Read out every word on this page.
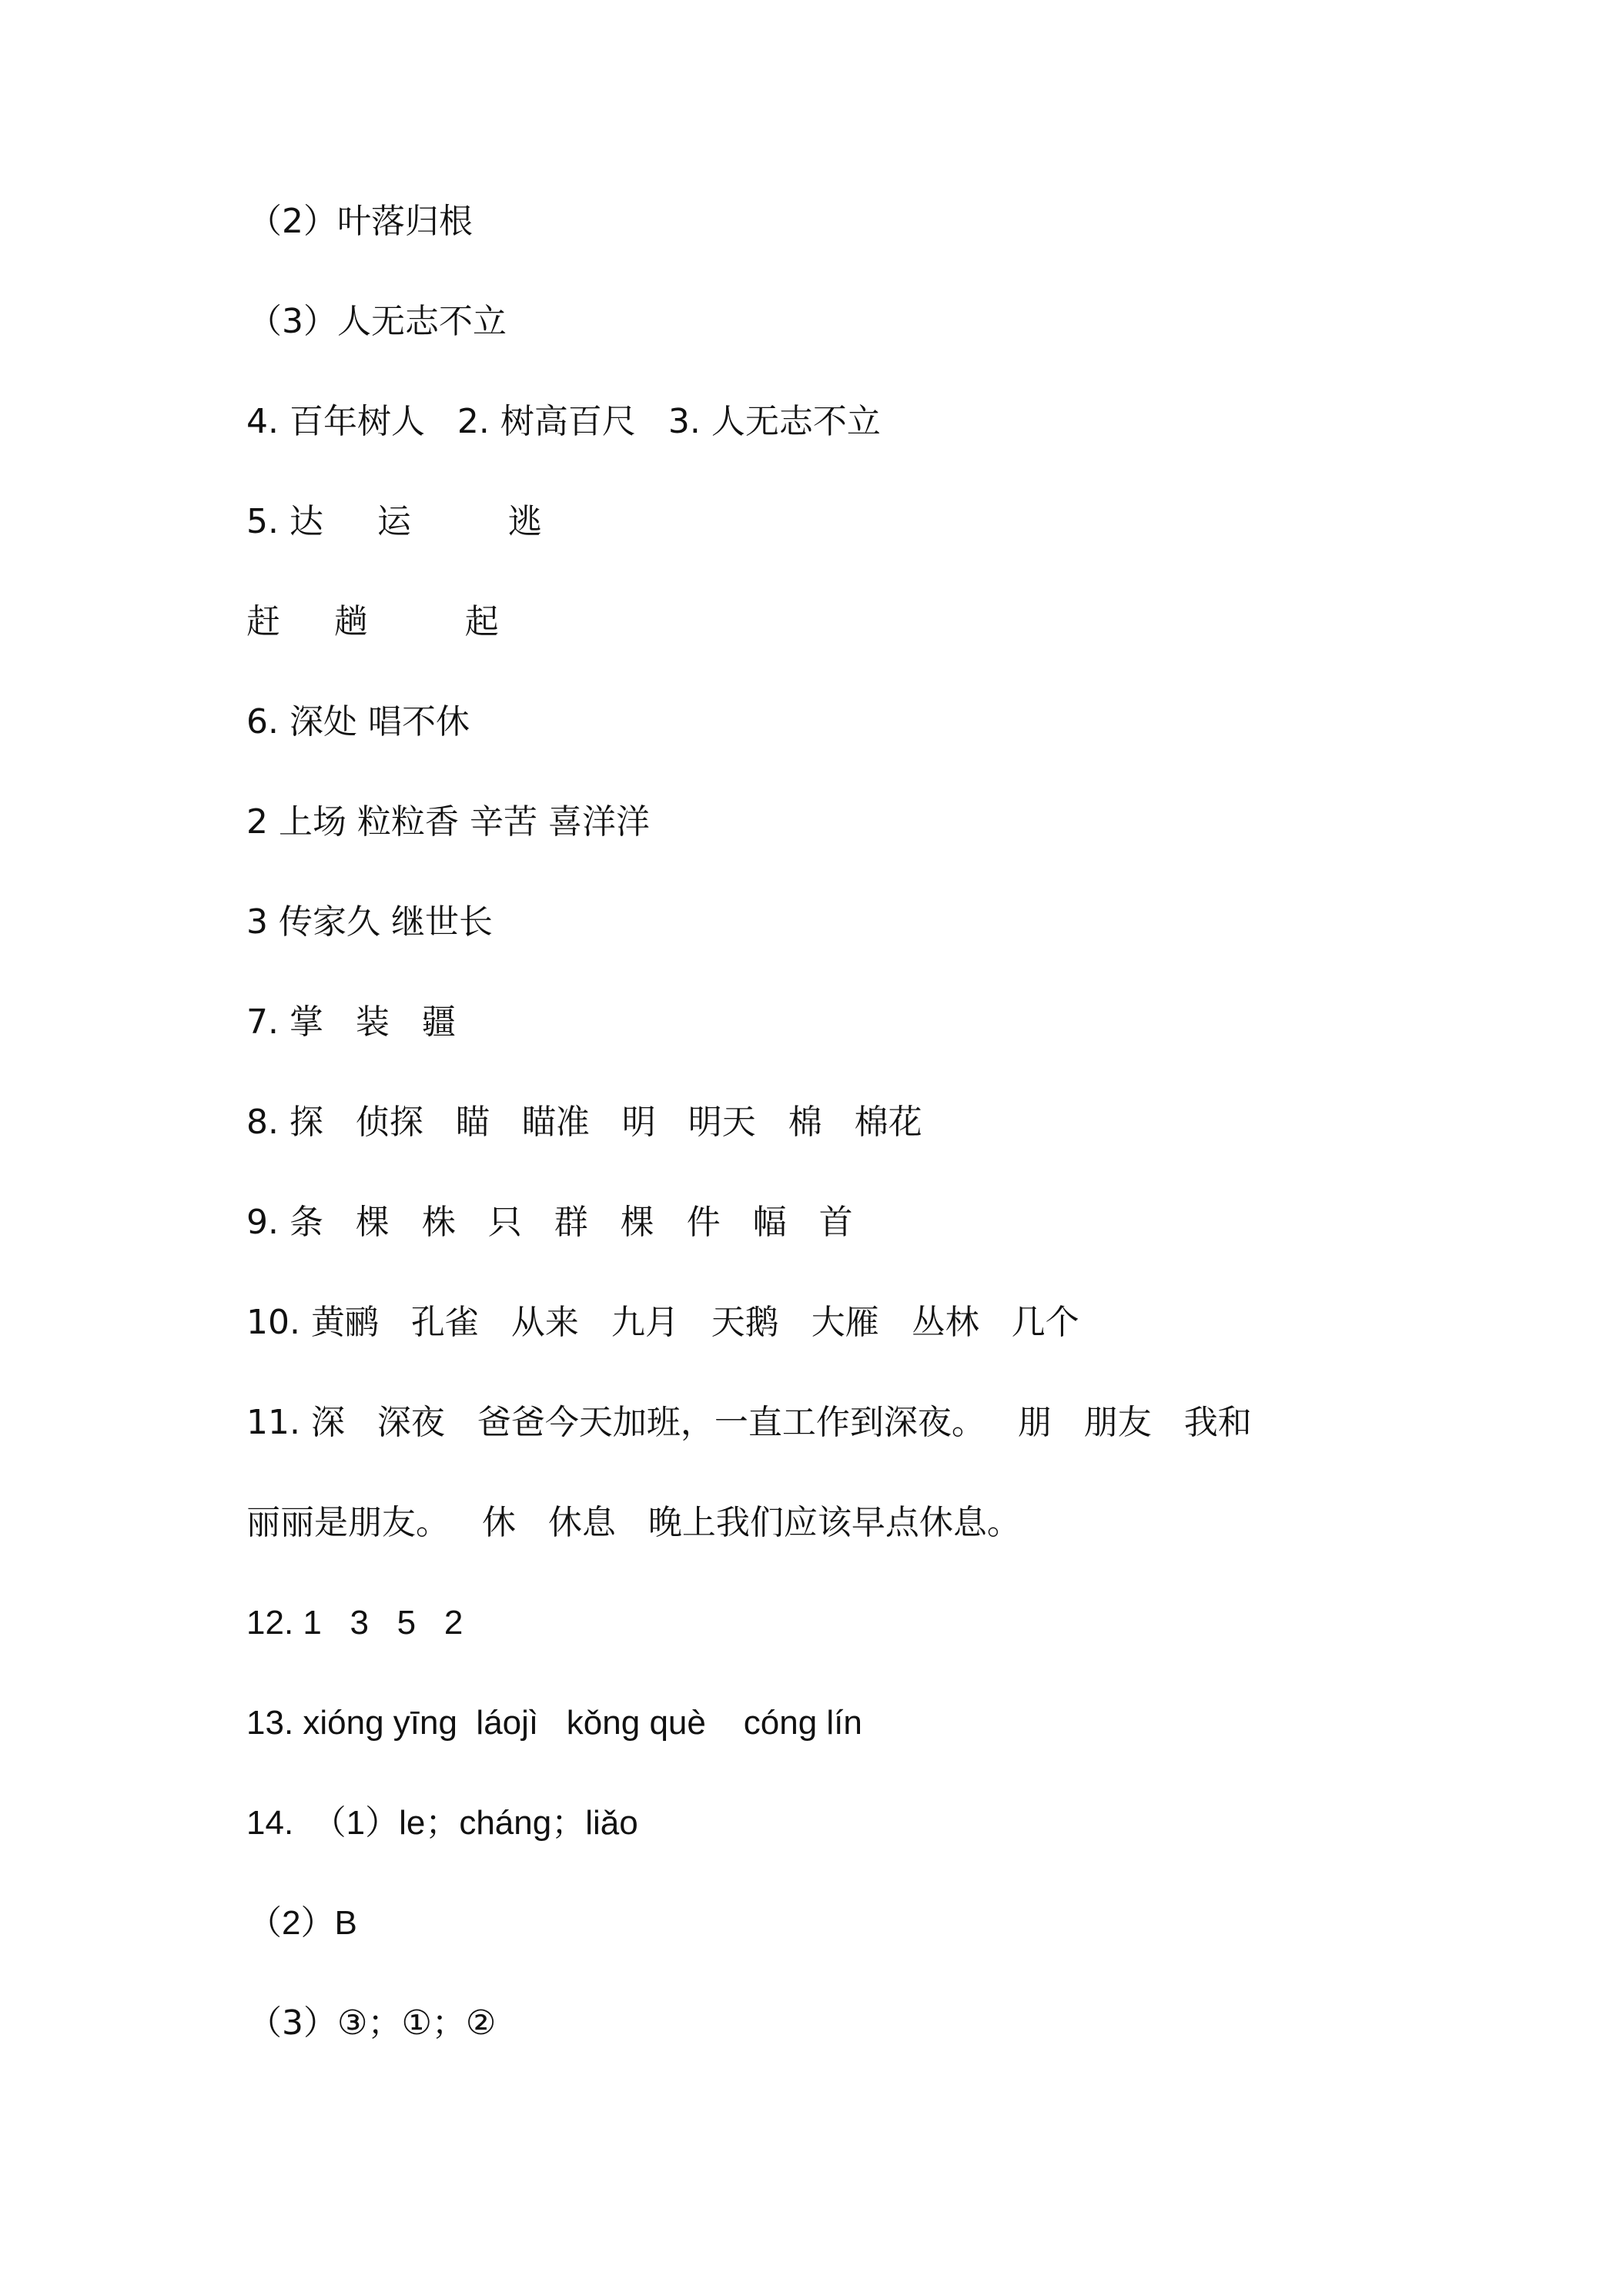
（2）叶落归根
（3）人无志不立
4. 百年树人   2. 树高百尺   3. 人无志不立
5. 达     运         逃
赶     趟         起
6. 深处 唱不休
2 上场 粒粒香 辛苦 喜洋洋
3 传家久 继世长
7. 掌   装   疆
8. 探   侦探   瞄   瞄准   明   明天   棉   棉花
9. 条   棵   株   只   群   棵   件   幅   首
10. 黄鹂   孔雀   从来   九月   天鹅   大雁   丛林   几个
11. 深   深夜   爸爸今天加班，一直工作到深夜。   朋   朋友   我和
丽丽是朋友。   休   休息   晚上我们应该早点休息。
12. 1   3   5   2
13. xióng yīng  láojì   kǒng què    cóng lín
14.  （1）le；cháng；liǎo
（2）B
（3）③；①；②
